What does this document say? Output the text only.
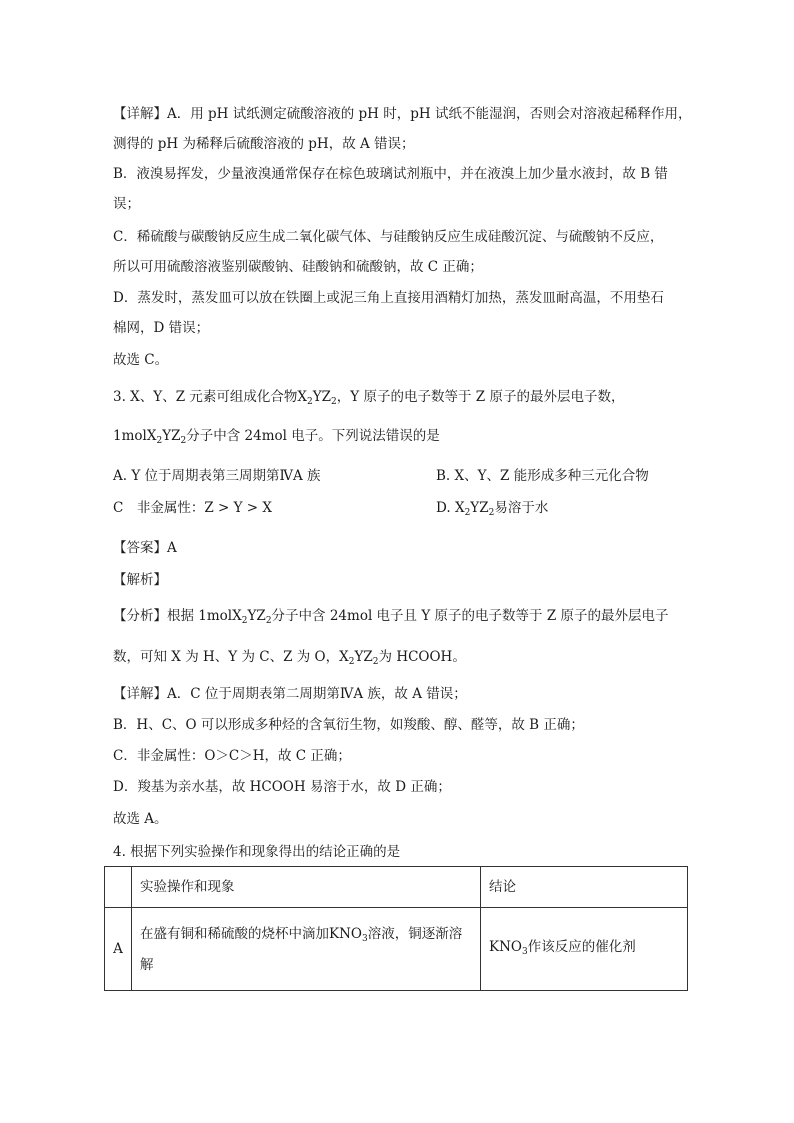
【详解】A．用 pH 试纸测定硫酸溶液的 pH 时，pH 试纸不能湿润，否则会对溶液起稀释作用，
测得的 pH 为稀释后硫酸溶液的 pH，故 A 错误；
B．液溴易挥发，少量液溴通常保存在棕色玻璃试剂瓶中，并在液溴上加少量水液封，故 B 错
误；
C．稀硫酸与碳酸钠反应生成二氧化碳气体、与硅酸钠反应生成硅酸沉淀、与硫酸钠不反应，
所以可用硫酸溶液鉴别碳酸钠、硅酸钠和硫酸钠，故 C 正确；
D．蒸发时，蒸发皿可以放在铁圈上或泥三角上直接用酒精灯加热，蒸发皿耐高温，不用垫石
棉网，D 错误；
故选 C。
3. X、Y、Z 元素可组成化合物$X_2YZ_2$，Y 原子的电子数等于 Z 原子的最外层电子数，
$1molX_2YZ_2$分子中含 24mol 电子。下列说法错误的是
A. Y 位于周期表第三周期第ⅣA 族	B. X、Y、Z 能形成多种三元化合物
C　非金属性：Z > Y > X	D. $X_2YZ_2$易溶于水
【答案】A
【解析】
【分析】根据 $1molX_2YZ_2$分子中含 24mol 电子且 Y 原子的电子数等于 Z 原子的最外层电子
数，可知 X 为 H、Y 为 C、Z 为 O，$X_2YZ_2$为 HCOOH。
【详解】A．C 位于周期表第二周期第ⅣA 族，故 A 错误；
B．H、C、O 可以形成多种烃的含氧衍生物，如羧酸、醇、醛等，故 B 正确；
C．非金属性：O＞C＞H，故 C 正确；
D．羧基为亲水基，故 HCOOH 易溶于水，故 D 正确；
故选 A。
4. 根据下列实验操作和现象得出的结论正确的是
	实验操作和现象	结论
A	在盛有铜和稀硫酸的烧杯中滴加$KNO_3$溶液，铜逐渐溶
解	$KNO_3$作该反应的催化剂
